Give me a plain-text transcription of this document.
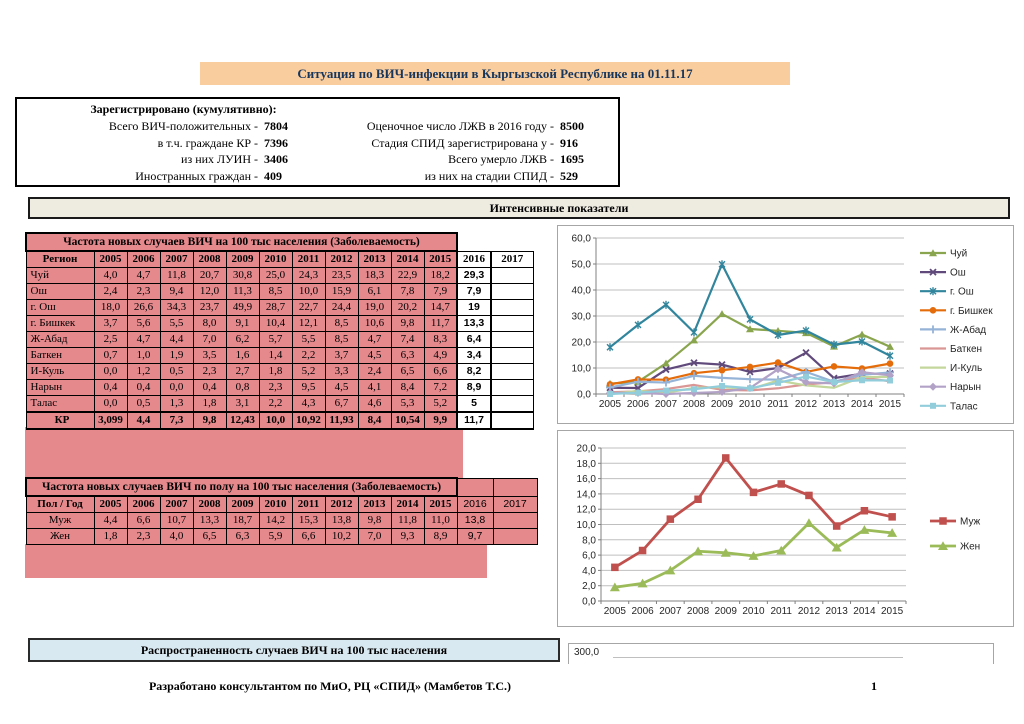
Ситуация по ВИЧ-инфекции в Кыргызской Республике на 01.11.17
Зарегистрировано (кумулятивно):
Всего ВИЧ-положительных - 7804
в т.ч. граждане КР - 7396
из них ЛУИН - 3406
Иностранных граждан - 409
Оценочное число ЛЖВ в 2016 году - 8500
Стадия СПИД зарегистрирована у - 916
Всего умерло ЛЖВ - 1695
из них на стадии СПИД - 529
Интенсивные показатели
Частота новых случаев ВИЧ на 100 тыс населения (Заболеваемость)													
Регион	2005	2006	2007	2008	2009	2010	2011	2012	2013	2014	2015	2016	2017
Чуй	4,0	4,7	11,8	20,7	30,8	25,0	24,3	23,5	18,3	22,9	18,2	29,3	
Ош	2,4	2,3	9,4	12,0	11,3	8,5	10,0	15,9	6,1	7,8	7,9	7,9	
г. Ош	18,0	26,6	34,3	23,7	49,9	28,7	22,7	24,4	19,0	20,2	14,7	19	
г. Бишкек	3,7	5,6	5,5	8,0	9,1	10,4	12,1	8,5	10,6	9,8	11,7	13,3	
Ж-Абад	2,5	4,7	4,4	7,0	6,2	5,7	5,5	8,5	4,7	7,4	8,3	6,4	
Баткен	0,7	1,0	1,9	3,5	1,6	1,4	2,2	3,7	4,5	6,3	4,9	3,4	
И-Куль	0,0	1,2	0,5	2,3	2,7	1,8	5,2	3,3	2,4	6,5	6,6	8,2	
Нарын	0,4	0,4	0,0	0,4	0,8	2,3	9,5	4,5	4,1	8,4	7,2	8,9	
Талас	0,0	0,5	1,3	1,8	3,1	2,2	4,3	6,7	4,6	5,3	5,2	5	
КР	3,099	4,4	7,3	9,8	12,43	10,0	10,92	11,93	8,4	10,54	9,9	11,7	
0,0
10,0
20,0
30,0
40,0
50,0
60,0
2005 2006 2007 2008 2009 2010 2011 2012 2013 2014 2015
Чуй
Ош
г. Ош
г. Бишкек
Ж-Абад
Баткен
И-Куль
Нарын
Талас
Частота новых случаев ВИЧ по полу на 100 тыс населения (Заболеваемость)													
Пол / Год	2005	2006	2007	2008	2009	2010	2011	2012	2013	2014	2015	2016	2017
Муж	4,4	6,6	10,7	13,3	18,7	14,2	15,3	13,8	9,8	11,8	11,0	13,8	
Жен	1,8	2,3	4,0	6,5	6,3	5,9	6,6	10,2	7,0	9,3	8,9	9,7	
0,0
2,0
4,0
6,0
8,0
10,0
12,0
14,0
16,0
18,0
20,0
2005 2006 2007 2008 2009 2010 2011 2012 2013 2014 2015
Муж
Жен
Распространенность случаев ВИЧ на 100 тыс населения	300,0
Разработано консультантом по МиО, РЦ «СПИД» (Мамбетов Т.С.)	1
